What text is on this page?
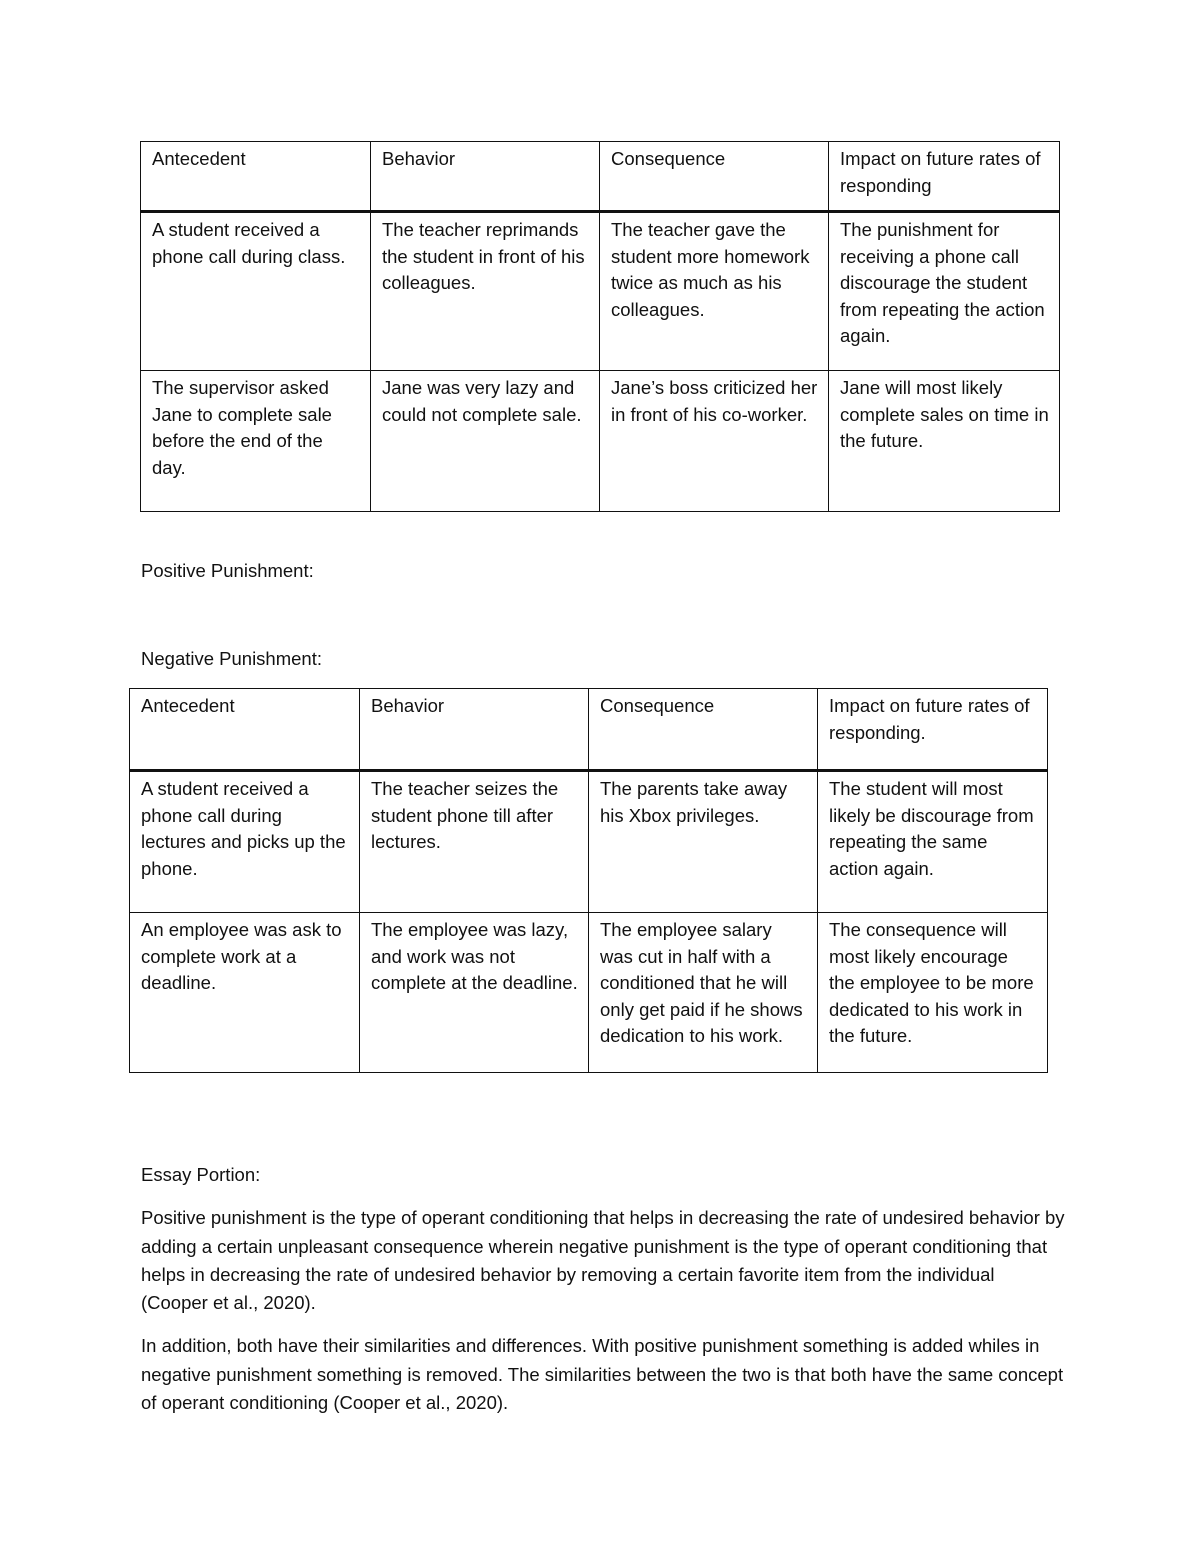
Antecedent	Behavior	Consequence	Impact on future rates of responding
A student received a phone call during class.	The teacher reprimands the student in front of his colleagues.	The teacher gave the student more homework twice as much as his colleagues.	The punishment for receiving a phone call discourage the student from repeating the action again.
The supervisor asked Jane to complete sale before the end of the day.	Jane was very lazy and could not complete sale.	Jane’s boss criticized her in front of his co-worker.	Jane will most likely complete sales on time in the future.

Positive Punishment:

Negative Punishment:

Antecedent	Behavior	Consequence	Impact on future rates of responding.
A student received a phone call during lectures and picks up the phone.	The teacher seizes the student phone till after lectures.	The parents take away his Xbox privileges.	The student will most likely be discourage from repeating the same action again.
An employee was ask to complete work at a deadline.	The employee was lazy, and work was not complete at the deadline.	The employee salary was cut in half with a conditioned that he will only get paid if he shows dedication to his work.	The consequence will most likely encourage the employee to be more dedicated to his work in the future.

Essay Portion:

Positive punishment is the type of operant conditioning that helps in decreasing the rate of undesired behavior by adding a certain unpleasant consequence wherein negative punishment is the type of operant conditioning that helps in decreasing the rate of undesired behavior by removing a certain favorite item from the individual (Cooper et al., 2020).

In addition, both have their similarities and differences. With positive punishment something is added whiles in negative punishment something is removed. The similarities between the two is that both have the same concept of operant conditioning (Cooper et al., 2020).
